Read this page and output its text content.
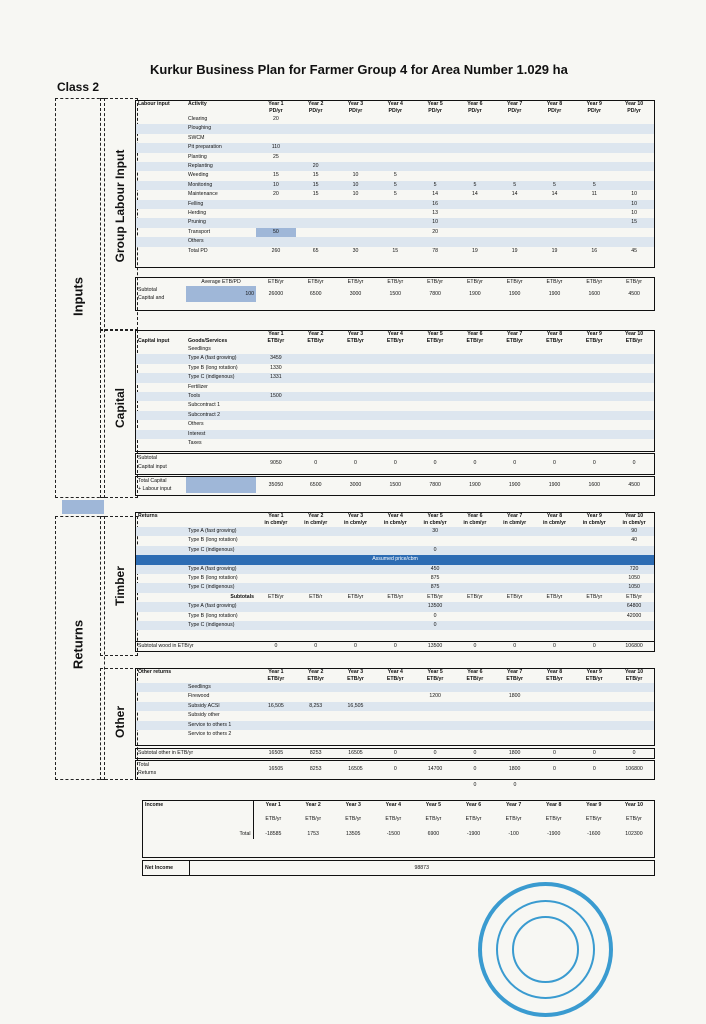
Kurkur Business Plan for Farmer Group 4 for Area Number 1.029 ha
Class 2
Inputs
Returns
Group Labour Input
Capital
Timber
Other
Labour input	Activity	Year 1	Year 2	Year 3	Year 4	Year 5	Year 6	Year 7	Year 8	Year 9	Year 10
		PD/yr	PD/yr	PD/yr	PD/yr	PD/yr	PD/yr	PD/yr	PD/yr	PD/yr	PD/yr
	Clearing	20									
	Ploughing										
	SWCM										
	Pit preparation	110									
	Planting	25									
	Replanting		20								
	Weeding	15	15	10	5						
	Monitoring	10	15	10	5	5	5	5	5	5	
	Maintenance	20	15	10	5	14	14	14	14	11	10
	Felling					16					10
	Herding					13					10
	Pruning					10					15
	Transport	50				20					
	Others										
	Total PD	260	65	30	15	78	19	19	19	16	45
	Average ETB/PD	ETB/yr	ETB/yr	ETB/yr	ETB/yr	ETB/yr	ETB/yr	ETB/yr	ETB/yr	ETB/yr	ETB/yr
Subtotal
Capital and	100	26000	6500	3000	1500	7800	1900	1900	1900	1600	4500
		Year 1	Year 2	Year 3	Year 4	Year 5	Year 6	Year 7	Year 8	Year 9	Year 10
Capital input	Goods/Services	ETB/yr	ETB/yr	ETB/yr	ETB/yr	ETB/yr	ETB/yr	ETB/yr	ETB/yr	ETB/yr	ETB/yr
	Seedlings										
	Type A (fast growing)	3459									
	Type B (long rotation)	1330									
	Type C (indigenous)	1331									
	Fertilizer										
	Tools	1500									
	Subcontract 1										
	Subcontract 2										
	Others										
	Interest										
	Taxes										
Subtotal
Capital input		9050	0	0	0	0	0	0	0	0	0
Total Capital
+ Labour input		35050	6500	3000	1500	7800	1900	1900	1900	1600	4500
Returns		Year 1	Year 2	Year 3	Year 4	Year 5	Year 6	Year 7	Year 8	Year 9	Year 10
		in cbm/yr	in cbm/yr	in cbm/yr	in cbm/yr	in cbm/yr	in cbm/yr	in cbm/yr	in cbm/yr	in cbm/yr	in cbm/yr
	Type A (fast growing)					30					90
	Type B (long rotation)										40
	Type C (indigenous)					0					
Assumed price/cbm											
	Type A (fast growing)					450					720
	Type B (long rotation)					875					1050
	Type C (indigenous)					875					1050
	Subtotals	ETB/yr	ETB/r	ETB/yr	ETB/yr	ETB/yr	ETB/yr	ETB/yr	ETB/yr	ETB/yr	ETB/yr
	Type A (fast growing)					13500					64800
	Type B (long rotation)					0					42000
	Type C (indigenous)					0					
Subtotal wood in ETB/yr	0	0	0	0	13500	0	0	0	0	106800
Other returns		Year 1	Year 2	Year 3	Year 4	Year 5	Year 6	Year 7	Year 8	Year 9	Year 10
		ETB/yr	ETB/yr	ETB/yr	ETB/yr	ETB/yr	ETB/yr	ETB/yr	ETB/yr	ETB/yr	ETB/yr
	Seedlings										
	Firewood					1200		1800			
	Subsidy ACSI	16,505	8,253	16,505							
	Subsidy other										
	Service to others 1										
	Service to others 2										
Subtotal other in ETB/yr	16505	8253	16505	0	0	0	1800	0	0	0
Total
Returns	16505	8253	16505	0	14700	0	1800	0	0	106800
						0	0			
Income	Year 1	Year 2	Year 3	Year 4	Year 5	Year 6	Year 7	Year 8	Year 9	Year 10

	ETB/yr	ETB/yr	ETB/yr	ETB/yr	ETB/yr	ETB/yr	ETB/yr	ETB/yr	ETB/yr	ETB/yr

Total	-18585	1753	13505	-1500	6900	-1900	-100	-1900	-1600	102300
Net Income	98873
